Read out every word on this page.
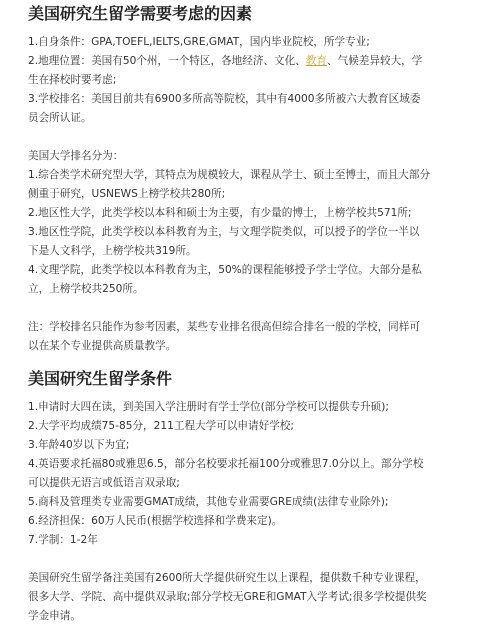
美国研究生留学需要考虑的因素
1.自身条件：GPA,TOEFL,IELTS,GRE,GMAT，国内毕业院校，所学专业;
2.地理位置：美国有50个州，一个特区，各地经济、文化、教育、气候差异较大，学
生在择校时要考虑;
3.学校排名：美国目前共有6900多所高等院校，其中有4000多所被六大教育区域委
员会所认证。
美国大学排名分为：
1.综合类学术研究型大学，其特点为规模较大，课程从学士、硕士至博士，而且大部分
侧重于研究，USNEWS上榜学校共280所;
2.地区性大学，此类学校以本科和硕士为主要，有少量的博士，上榜学校共571所;
3.地区性学院，此类学校以本科教育为主，与文理学院类似，可以授予的学位一半以
下是人文科学，上榜学校共319所。
4.文理学院，此类学校以本科教育为主，50%的课程能够授予学士学位。大部分是私
立，上榜学校共250所。
注：学校排名只能作为参考因素，某些专业排名很高但综合排名一般的学校，同样可
以在某个专业提供高质量教学。
美国研究生留学条件
1.申请时大四在读，到美国入学注册时有学士学位(部分学校可以提供专升硕);
2.大学平均成绩75-85分，211工程大学可以申请好学校;
3.年龄40岁以下为宜;
4.英语要求托福80或雅思6.5，部分名校要求托福100分或雅思7.0分以上。部分学校
可以提供无语言或低语言双录取;
5.商科及管理类专业需要GMAT成绩，其他专业需要GRE成绩(法律专业除外);
6.经济担保：60万人民币(根据学校选择和学费来定)。
7.学制：1-2年
美国研究生留学备注美国有2600所大学提供研究生以上课程，提供数千种专业课程，
很多大学、学院、高中提供双录取;部分学校无GRE和GMAT入学考试;很多学校提供奖
学金申请。
